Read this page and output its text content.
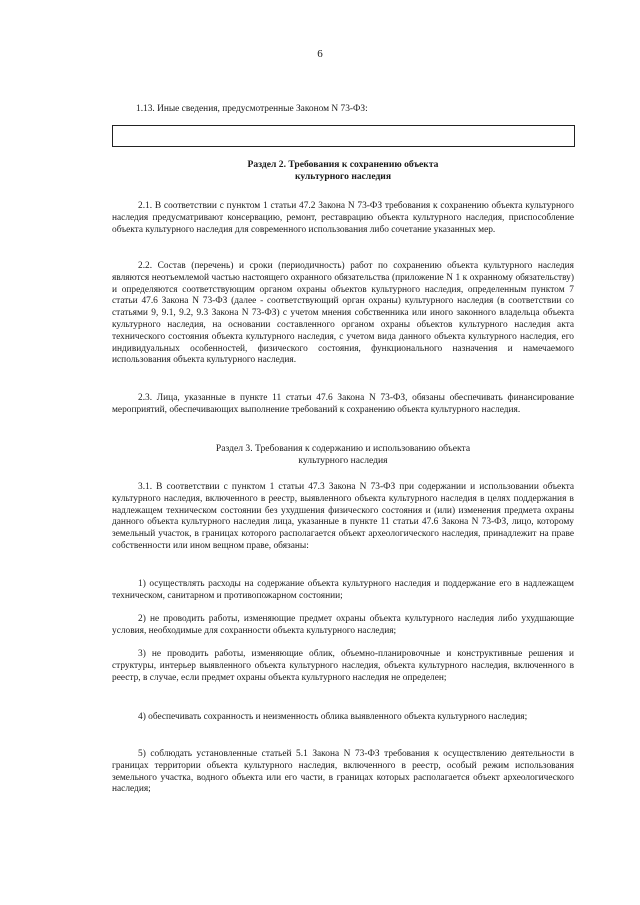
6
1.13. Иные сведения, предусмотренные Законом N 73-ФЗ:
Раздел 2. Требования к сохранению объекта
культурного наследия
2.1. В соответствии с пунктом 1 статьи 47.2 Закона N 73-ФЗ требования к сохранению объекта культурного наследия предусматривают консервацию, ремонт, реставрацию объекта культурного наследия, приспособление объекта культурного наследия для современного использования либо сочетание указанных мер.
2.2. Состав (перечень) и сроки (периодичность) работ по сохранению объекта культурного наследия являются неотъемлемой частью настоящего охранного обязательства (приложение N 1 к охранному обязательству) и определяются соответствующим органом охраны объектов культурного наследия, определенным пунктом 7 статьи 47.6 Закона N 73-ФЗ (далее - соответствующий орган охраны) культурного наследия (в соответствии со статьями 9, 9.1, 9.2, 9.3 Закона N 73-ФЗ) с учетом мнения собственника или иного законного владельца объекта культурного наследия, на основании составленного органом охраны объектов культурного наследия акта технического состояния объекта культурного наследия, с учетом вида данного объекта культурного наследия, его индивидуальных особенностей, физического состояния, функционального назначения и намечаемого использования объекта культурного наследия.
2.3. Лица, указанные в пункте 11 статьи 47.6 Закона N 73-ФЗ, обязаны обеспечивать финансирование мероприятий, обеспечивающих выполнение требований к сохранению объекта культурного наследия.
Раздел 3. Требования к содержанию и использованию объекта
культурного наследия
3.1. В соответствии с пунктом 1 статьи 47.3 Закона N 73-ФЗ при содержании и использовании объекта культурного наследия, включенного в реестр, выявленного объекта культурного наследия в целях поддержания в надлежащем техническом состоянии без ухудшения физического состояния и (или) изменения предмета охраны данного объекта культурного наследия лица, указанные в пункте 11 статьи 47.6 Закона N 73-ФЗ, лицо, которому земельный участок, в границах которого располагается объект археологического наследия, принадлежит на праве собственности или ином вещном праве, обязаны:
1) осуществлять расходы на содержание объекта культурного наследия и поддержание его в надлежащем техническом, санитарном и противопожарном состоянии;
2) не проводить работы, изменяющие предмет охраны объекта культурного наследия либо ухудшающие условия, необходимые для сохранности объекта культурного наследия;
3) не проводить работы, изменяющие облик, объемно-планировочные и конструктивные решения и структуры, интерьер выявленного объекта культурного наследия, объекта культурного наследия, включенного в реестр, в случае, если предмет охраны объекта культурного наследия не определен;
4) обеспечивать сохранность и неизменность облика выявленного объекта культурного наследия;
5) соблюдать установленные статьей 5.1 Закона N 73-ФЗ требования к осуществлению деятельности в границах территории объекта культурного наследия, включенного в реестр, особый режим использования земельного участка, водного объекта или его части, в границах которых располагается объект археологического наследия;
